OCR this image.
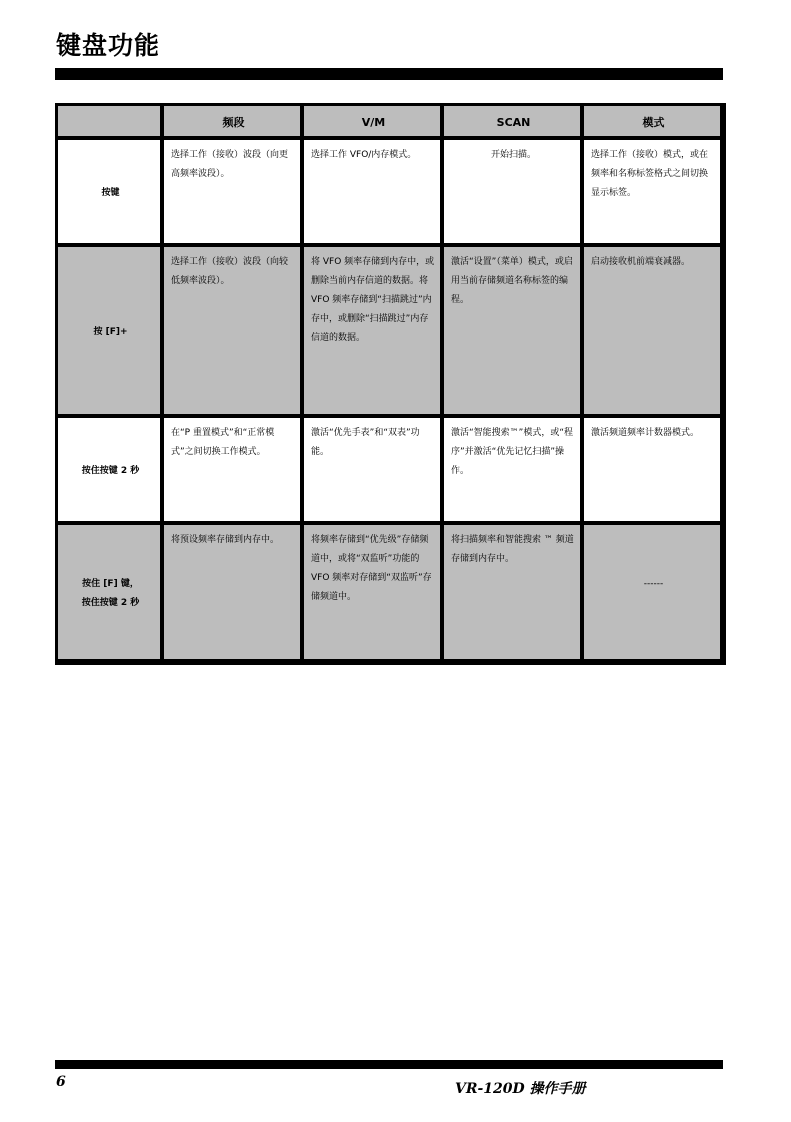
键盘功能
	频段	V/M	SCAN	模式
按键	选择工作（接收）波段（向更高频率波段）。	选择工作 VFO/内存模式。	开始扫描。	选择工作（接收）模式，或在频率和名称标签格式之间切换显示标签。

按 [F]+	选择工作（接收）波段（向较低频率波段）。	将 VFO 频率存储到内存中，或删除当前内存信道的数据。将 VFO 频率存储到“扫描跳过”内存中，或删除“扫描跳过”内存信道的数据。	激活“设置”（菜单）模式，或启用当前存储频道名称标签的编程。	启动接收机前端衰减器。

按住按键 2 秒	在“P 重置模式”和“正常模式”之间切换工作模式。	激活“优先手表”和“双表”功能。	激活“智能搜索™”模式，或“程序”并激活“优先记忆扫描”操作。	激活频道频率计数器模式。

按住 [F] 键，
按住按键 2 秒	将预设频率存储到内存中。	将频率存储到“优先级”存储频道中，或将“双监听”功能的 VFO 频率对存储到“双监听”存储频道中。	将扫描频率和智能搜索 ™ 频道存储到内存中。	------
6	VR-120D 操作手册
